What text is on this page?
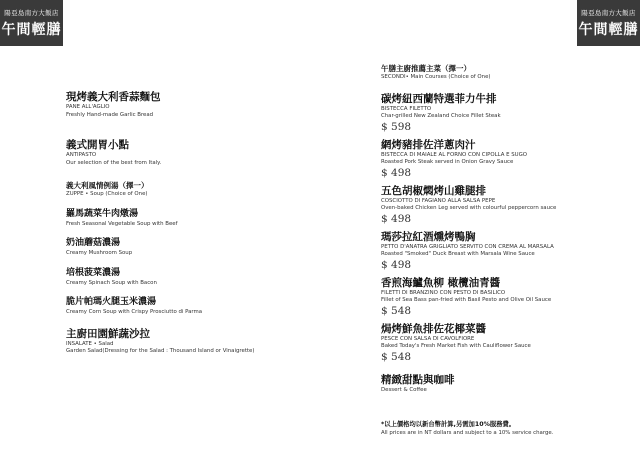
陽亞島南方大飯店
午間輕膳
陽亞島南方大飯店
午間輕膳
現烤義大利香蒜麵包
PANE ALL'AGLIO
Freshly Hand-made Garlic Bread
義式開胃小點
ANTIPASTO
Our selection of the best from Italy.
義大利風情例湯（擇一）
ZUPPE • Soup (Choice of One)
羅馬蔬菜牛肉燉湯
Fresh Seasonal Vegetable Soup with Beef
奶油蘑菇濃湯
Creamy Mushroom Soup
培根菠菜濃湯
Creamy Spinach Soup with Bacon
脆片帕瑪火腿玉米濃湯
Creamy Corn Soup with Crispy Prosciutto di Parma
主廚田園鮮蔬沙拉
INSALATE • Salad
Garden Salad(Dressing for the Salad : Thousand Island or Vinaigrette)
午膳主廚推薦主菜（擇一）
SECONDI• Main Courses (Choice of One)
碳烤紐西蘭特選菲力牛排
BISTECCA FILETTO
Char-grilled New Zealand Choice Fillet Steak
$ 598
網烤豬排佐洋蔥肉汁
BISTECCA DI MAIALE AL FORNO CON CIPOLLA E SUGO
Roasted Pork Steak served in Onion Gravy Sauce
$ 498
五色胡椒燜烤山雞腿排
COSCIOTTO DI FAGIANO ALLA SALSA PEPE
Oven-baked Chicken Leg served with colourful peppercorn sauce
$ 498
瑪莎拉紅酒燻烤鴨胸
PETTO D'ANATRA GRIGLIATO SERVITO CON CREMA AL MARSALA
Roasted "Smoked" Duck Breast with Marsala Wine Sauce
$ 498
香煎海鱸魚柳 橄欖油青醬
FILETTI DI BRANZINO CON PESTO DI BASILICO
Fillet of Sea Bass pan-fried with Basil Pesto and Olive Oil Sauce
$ 548
焗烤鮮魚排佐花椰菜醬
PESCE CON SALSA DI CAVOLFIORE
Baked Today's Fresh Market Fish with Cauliflower Sauce
$ 548
精緻甜點與咖啡
Dessert & Coffee
*以上價格均以新台幣計算,另需加10%服務費。
All prices are in NT dollars and subject to a 10% service charge.
